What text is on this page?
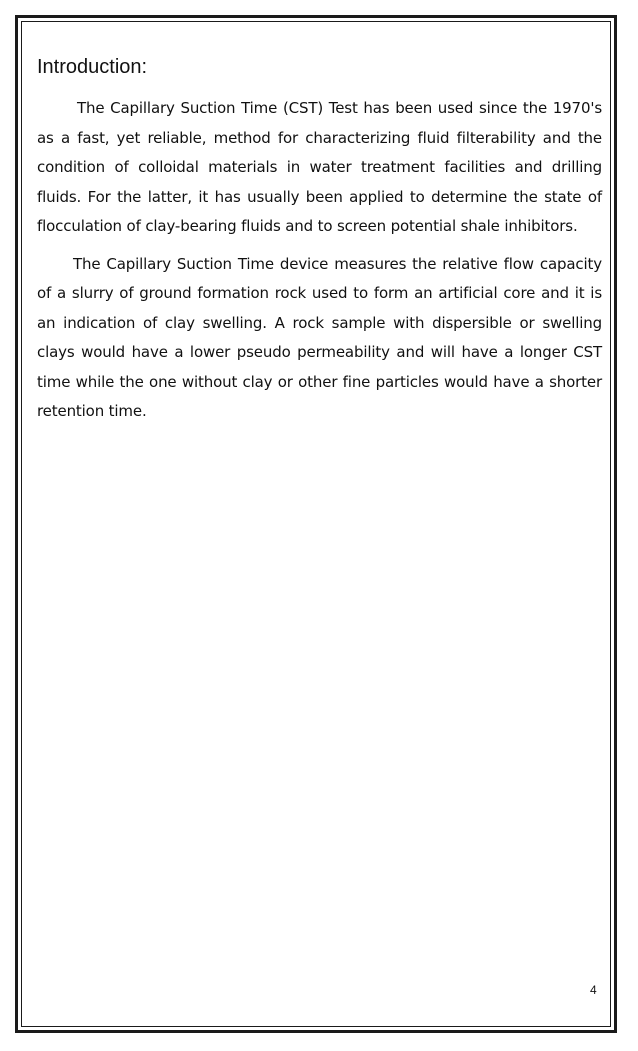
Introduction:

The Capillary Suction Time (CST) Test has been used since the 1970's as a fast, yet reliable, method for characterizing fluid filterability and the condition of colloidal materials in water treatment facilities and drilling fluids. For the latter, it has usually been applied to determine the state of flocculation of clay-bearing fluids and to screen potential shale inhibitors.

The Capillary Suction Time device measures the relative flow capacity of a slurry of ground formation rock used to form an artificial core and it is an indication of clay swelling. A rock sample with dispersible or swelling clays would have a lower pseudo permeability and will have a longer CST time while the one without clay or other fine particles would have a shorter retention time.

4
